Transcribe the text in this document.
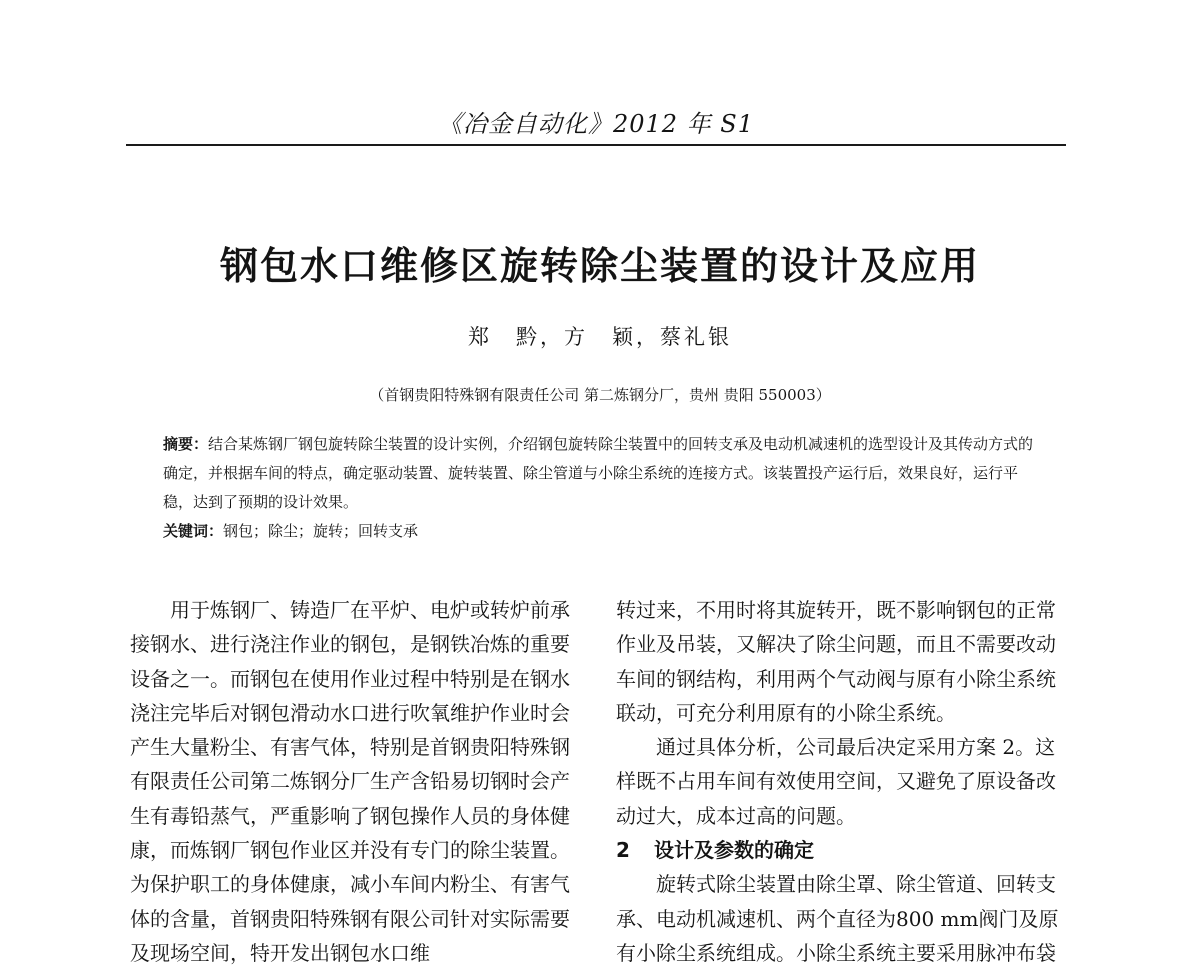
《冶金自动化》2012 年 S1
钢包水口维修区旋转除尘装置的设计及应用
郑　黔，方　颖，蔡礼银
（首钢贵阳特殊钢有限责任公司 第二炼钢分厂，贵州 贵阳 550003）

摘要：结合某炼钢厂钢包旋转除尘装置的设计实例，介绍钢包旋转除尘装置中的回转支承及电动机减速机的选型设计及其传动方式的确定，并根据车间的特点，确定驱动装置、旋转装置、除尘管道与小除尘系统的连接方式。该装置投产运行后，效果良好，运行平稳，达到了预期的设计效果。

关键词：钢包；除尘；旋转；回转支承

用于炼钢厂、铸造厂在平炉、电炉或转炉前承接钢水、进行浇注作业的钢包，是钢铁冶炼的重要设备之一。而钢包在使用作业过程中特别是在钢水浇注完毕后对钢包滑动水口进行吹氧维护作业时会产生大量粉尘、有害气体，特别是首钢贵阳特殊钢有限责任公司第二炼钢分厂生产含铅易切钢时会产生有毒铅蒸气，严重影响了钢包操作人员的身体健康，而炼钢厂钢包作业区并没有专门的除尘装置。为保护职工的身体健康，减小车间内粉尘、有害气体的含量，首钢贵阳特殊钢有限公司针对实际需要及现场空间，特开发出钢包水口维

转过来，不用时将其旋转开，既不影响钢包的正常作业及吊装，又解决了除尘问题，而且不需要改动车间的钢结构，利用两个气动阀与原有小除尘系统联动，可充分利用原有的小除尘系统。

通过具体分析，公司最后决定采用方案 2。这样既不占用车间有效使用空间，又避免了原设备改动过大，成本过高的问题。

2 设计及参数的确定

旋转式除尘装置由除尘罩、除尘管道、回转支承、电动机减速机、两个直径为800 mm阀门及原有小除尘系统组成。小除尘系统主要采用脉冲布袋
